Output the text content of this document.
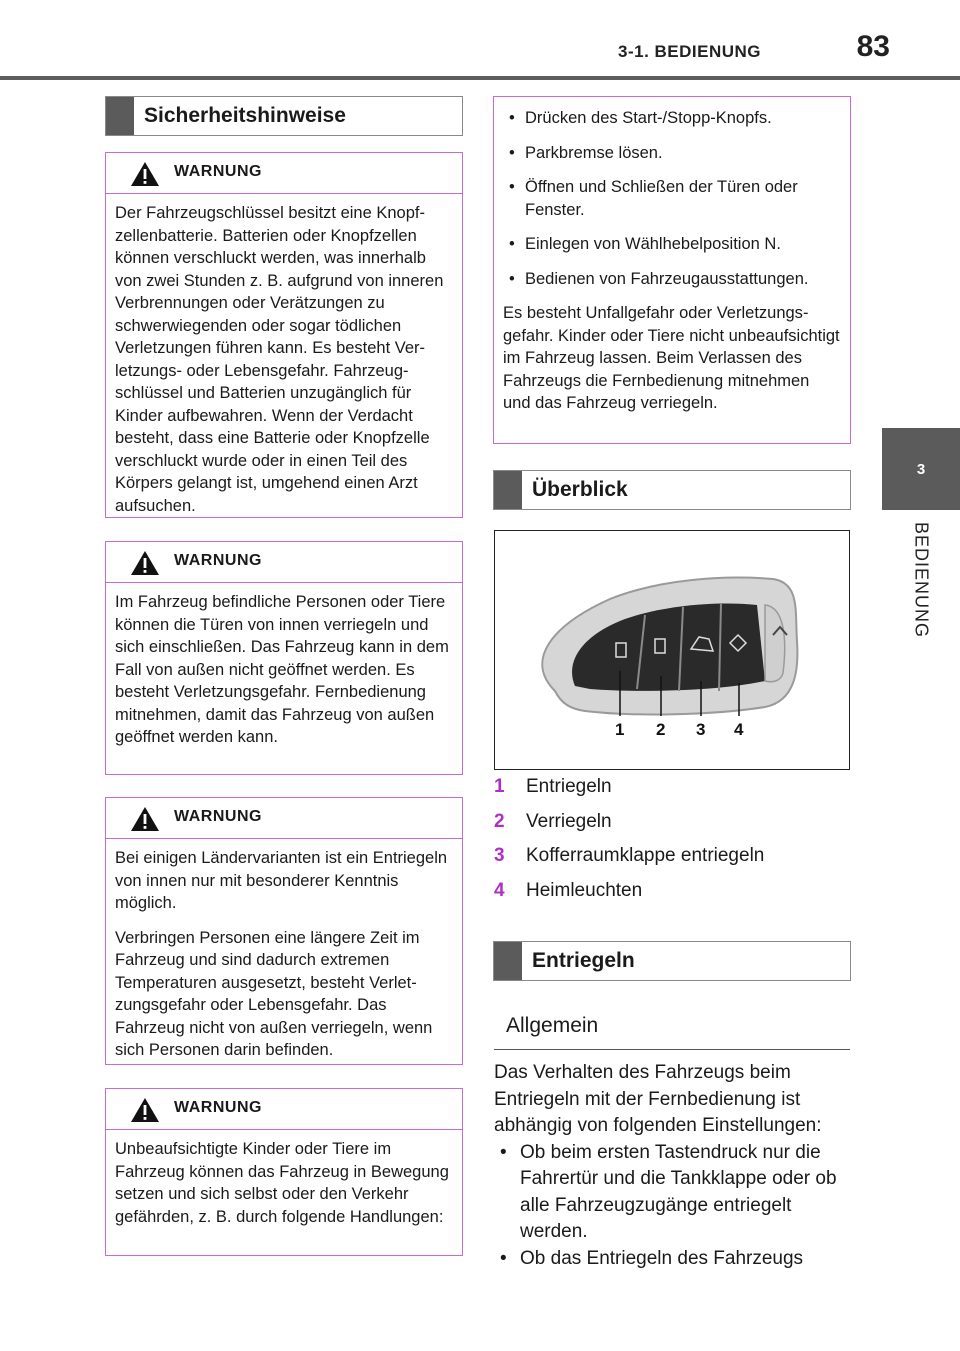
3-1. BEDIENUNG	83
3
BEDIENUNG
Sicherheitshinweise
WARNUNG

Der Fahrzeugschlüssel besitzt eine Knopfzellenbatterie. Batterien oder Knopfzellen können verschluckt werden, was innerhalb von zwei Stunden z. B. aufgrund von inneren Verbrennungen oder Verätzungen zu schwerwiegenden oder sogar tödlichen Verletzungen führen kann. Es besteht Verletzungs- oder Lebensgefahr. Fahrzeugschlüssel und Batterien unzugänglich für Kinder aufbewahren. Wenn der Verdacht besteht, dass eine Batterie oder Knopfzelle verschluckt wurde oder in einen Teil des Körpers gelangt ist, umgehend einen Arzt aufsuchen.

WARNUNG

Im Fahrzeug befindliche Personen oder Tiere können die Türen von innen verriegeln und sich einschließen. Das Fahrzeug kann in dem Fall von außen nicht geöffnet werden. Es besteht Verletzungsgefahr. Fernbedienung mitnehmen, damit das Fahrzeug von außen geöffnet werden kann.

WARNUNG

Bei einigen Ländervarianten ist ein Entriegeln von innen nur mit besonderer Kenntnis möglich.

Verbringen Personen eine längere Zeit im Fahrzeug und sind dadurch extremen Temperaturen ausgesetzt, besteht Verletzungsgefahr oder Lebensgefahr. Das Fahrzeug nicht von außen verriegeln, wenn sich Personen darin befinden.

WARNUNG

Unbeaufsichtigte Kinder oder Tiere im Fahrzeug können das Fahrzeug in Bewegung setzen und sich selbst oder den Verkehr gefährden, z. B. durch folgende Handlungen:

• Drücken des Start-/Stopp-Knopfs.
• Parkbremse lösen.
• Öffnen und Schließen der Türen oder Fenster.
• Einlegen von Wählhebelposition N.
• Bedienen von Fahrzeugausstattungen.

Es besteht Unfallgefahr oder Verletzungsgefahr. Kinder oder Tiere nicht unbeaufsichtigt im Fahrzeug lassen. Beim Verlassen des Fahrzeugs die Fernbedienung mitnehmen und das Fahrzeug verriegeln.

Überblick
1 2 3 4
1	Entriegeln
2	Verriegeln
3	Kofferraumklappe entriegeln
4	Heimleuchten
Entriegeln
Allgemein

Das Verhalten des Fahrzeugs beim Entriegeln mit der Fernbedienung ist abhängig von folgenden Einstellungen:

• Ob beim ersten Tastendruck nur die Fahrertür und die Tankklappe oder ob alle Fahrzeugzugänge entriegelt werden.
• Ob das Entriegeln des Fahrzeugs
